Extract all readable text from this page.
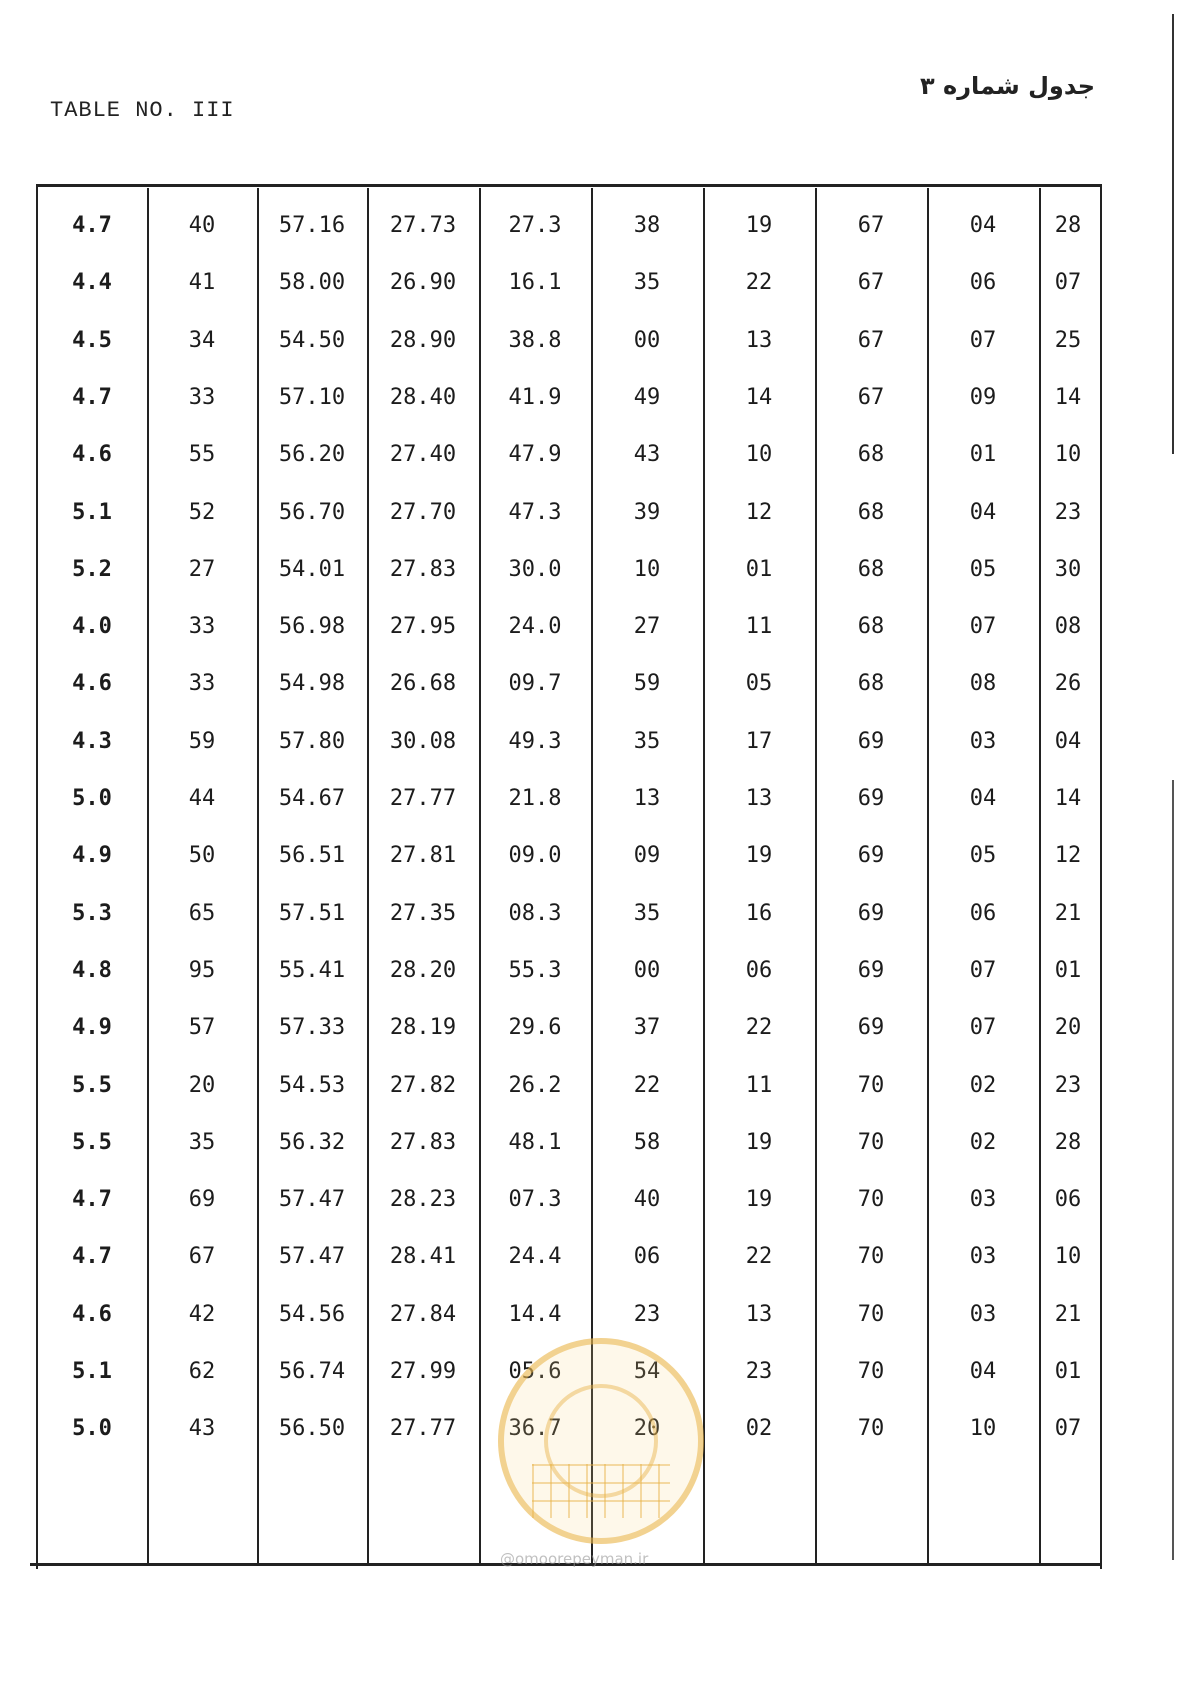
TABLE NO. III
جدول شماره ۳
4.7	40	57.16	27.73	27.3	38	19	67	04	28
4.4	41	58.00	26.90	16.1	35	22	67	06	07
4.5	34	54.50	28.90	38.8	00	13	67	07	25
4.7	33	57.10	28.40	41.9	49	14	67	09	14
4.6	55	56.20	27.40	47.9	43	10	68	01	10
5.1	52	56.70	27.70	47.3	39	12	68	04	23
5.2	27	54.01	27.83	30.0	10	01	68	05	30
4.0	33	56.98	27.95	24.0	27	11	68	07	08
4.6	33	54.98	26.68	09.7	59	05	68	08	26
4.3	59	57.80	30.08	49.3	35	17	69	03	04
5.0	44	54.67	27.77	21.8	13	13	69	04	14
4.9	50	56.51	27.81	09.0	09	19	69	05	12
5.3	65	57.51	27.35	08.3	35	16	69	06	21
4.8	95	55.41	28.20	55.3	00	06	69	07	01
4.9	57	57.33	28.19	29.6	37	22	69	07	20
5.5	20	54.53	27.82	26.2	22	11	70	02	23
5.5	35	56.32	27.83	48.1	58	19	70	02	28
4.7	69	57.47	28.23	07.3	40	19	70	03	06
4.7	67	57.47	28.41	24.4	06	22	70	03	10
4.6	42	54.56	27.84	14.4	23	13	70	03	21
5.1	62	56.74	27.99	05.6	54	23	70	04	01
5.0	43	56.50	27.77	36.7	20	02	70	10	07
@omoorepeyman.ir
